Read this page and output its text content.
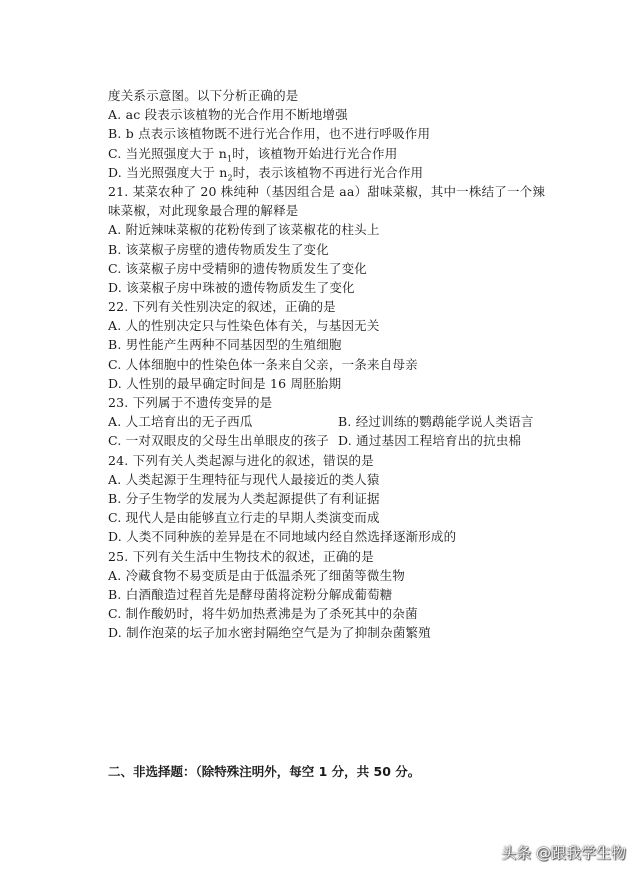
度关系示意图。以下分析正确的是
A. ac 段表示该植物的光合作用不断地增强
B. b 点表示该植物既不进行光合作用，也不进行呼吸作用
C. 当光照强度大于 $n_1$时，该植物开始进行光合作用
D. 当光照强度大于 $n_2$时，表示该植物不再进行光合作用
21. 某菜农种了 20 株纯种（基因组合是 aa）甜味菜椒，其中一株结了一个辣
味菜椒，对此现象最合理的解释是
A. 附近辣味菜椒的花粉传到了该菜椒花的柱头上
B. 该菜椒子房壁的遗传物质发生了变化
C. 该菜椒子房中受精卵的遗传物质发生了变化
D. 该菜椒子房中珠被的遗传物质发生了变化
22. 下列有关性别决定的叙述，正确的是
A. 人的性别决定只与性染色体有关，与基因无关
B. 男性能产生两种不同基因型的生殖细胞
C. 人体细胞中的性染色体一条来自父亲，一条来自母亲
D. 人性别的最早确定时间是 16 周胚胎期
23. 下列属于不遗传变异的是
A. 人工培育出的无子西瓜	B. 经过训练的鹦鹉能学说人类语言
C. 一对双眼皮的父母生出单眼皮的孩子 D. 通过基因工程培育出的抗虫棉
24. 下列有关人类起源与进化的叙述，错误的是
A. 人类起源于生理特征与现代人最接近的类人猿
B. 分子生物学的发展为人类起源提供了有利证据
C. 现代人是由能够直立行走的早期人类演变而成
D. 人类不同种族的差异是在不同地域内经自然选择逐渐形成的
25. 下列有关生活中生物技术的叙述，正确的是
A. 冷藏食物不易变质是由于低温杀死了细菌等微生物
B. 白酒酿造过程首先是酵母菌将淀粉分解成葡萄糖
C. 制作酸奶时，将牛奶加热煮沸是为了杀死其中的杂菌
D. 制作泡菜的坛子加水密封隔绝空气是为了抑制杂菌繁殖
二、非选择题：（除特殊注明外，每空 1 分，共 50 分。
头条 @跟我学生物
